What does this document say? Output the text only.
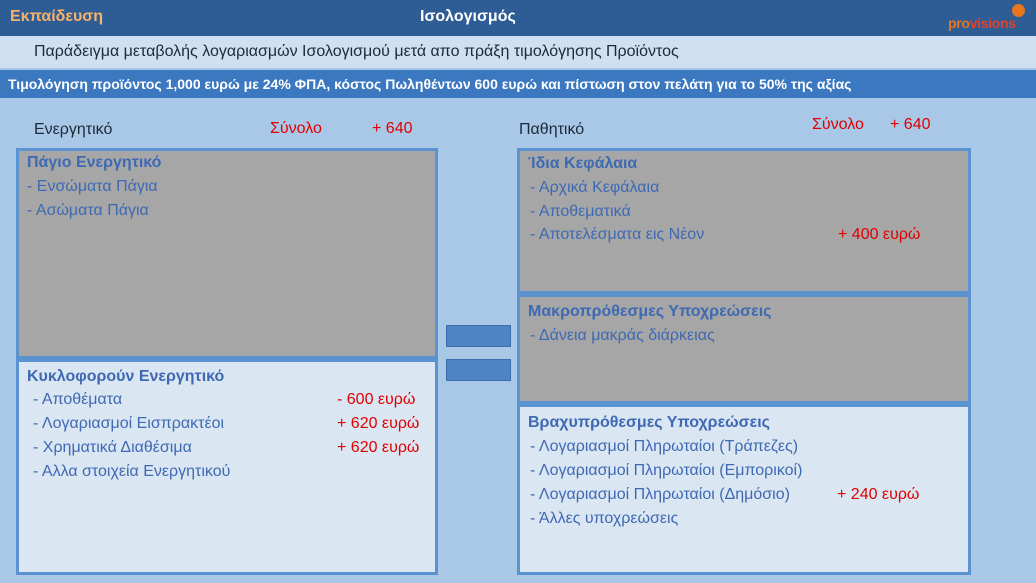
Εκπαίδευση	Ισολογισμός	provisions
Παράδειγμα μεταβολής λογαριασμών Ισολογισμού μετά απο πράξη τιμολόγησης Προϊόντος
Τιμολόγηση προϊόντος 1,000 ευρώ με 24% ΦΠΑ, κόστος Πωληθέντων 600 ευρώ και πίστωση στον πελάτη για το 50% της αξίας
Ενεργητικό	Σύνολο	+ 640	Παθητικό	Σύνολο + 640
Πάγιο Ενεργητικό
- Ενσώματα Πάγια
- Ασώματα Πάγια
Κυκλοφορούν Ενεργητικό
- Αποθέματα	- 600 ευρώ
- Λογαριασμοί Εισπρακτέοι	+ 620 ευρώ
- Χρηματικά Διαθέσιμα	+ 620 ευρώ
- Αλλα στοιχεία Ενεργητικού
Ίδια Κεφάλαια
- Αρχικά Κεφάλαια
- Αποθεματικά
- Αποτελέσματα εις Νέον	+ 400 ευρώ
Μακροπρόθεσμες Υποχρεώσεις
- Δάνεια μακράς διάρκειας
Βραχυπρόθεσμες Υποχρεώσεις
- Λογαριασμοί Πληρωταίοι (Τράπεζες)
- Λογαριασμοί Πληρωταίοι (Εμπορικοί)
- Λογαριασμοί Πληρωταίοι (Δημόσιο)	+ 240 ευρώ
- Άλλες υποχρεώσεις
